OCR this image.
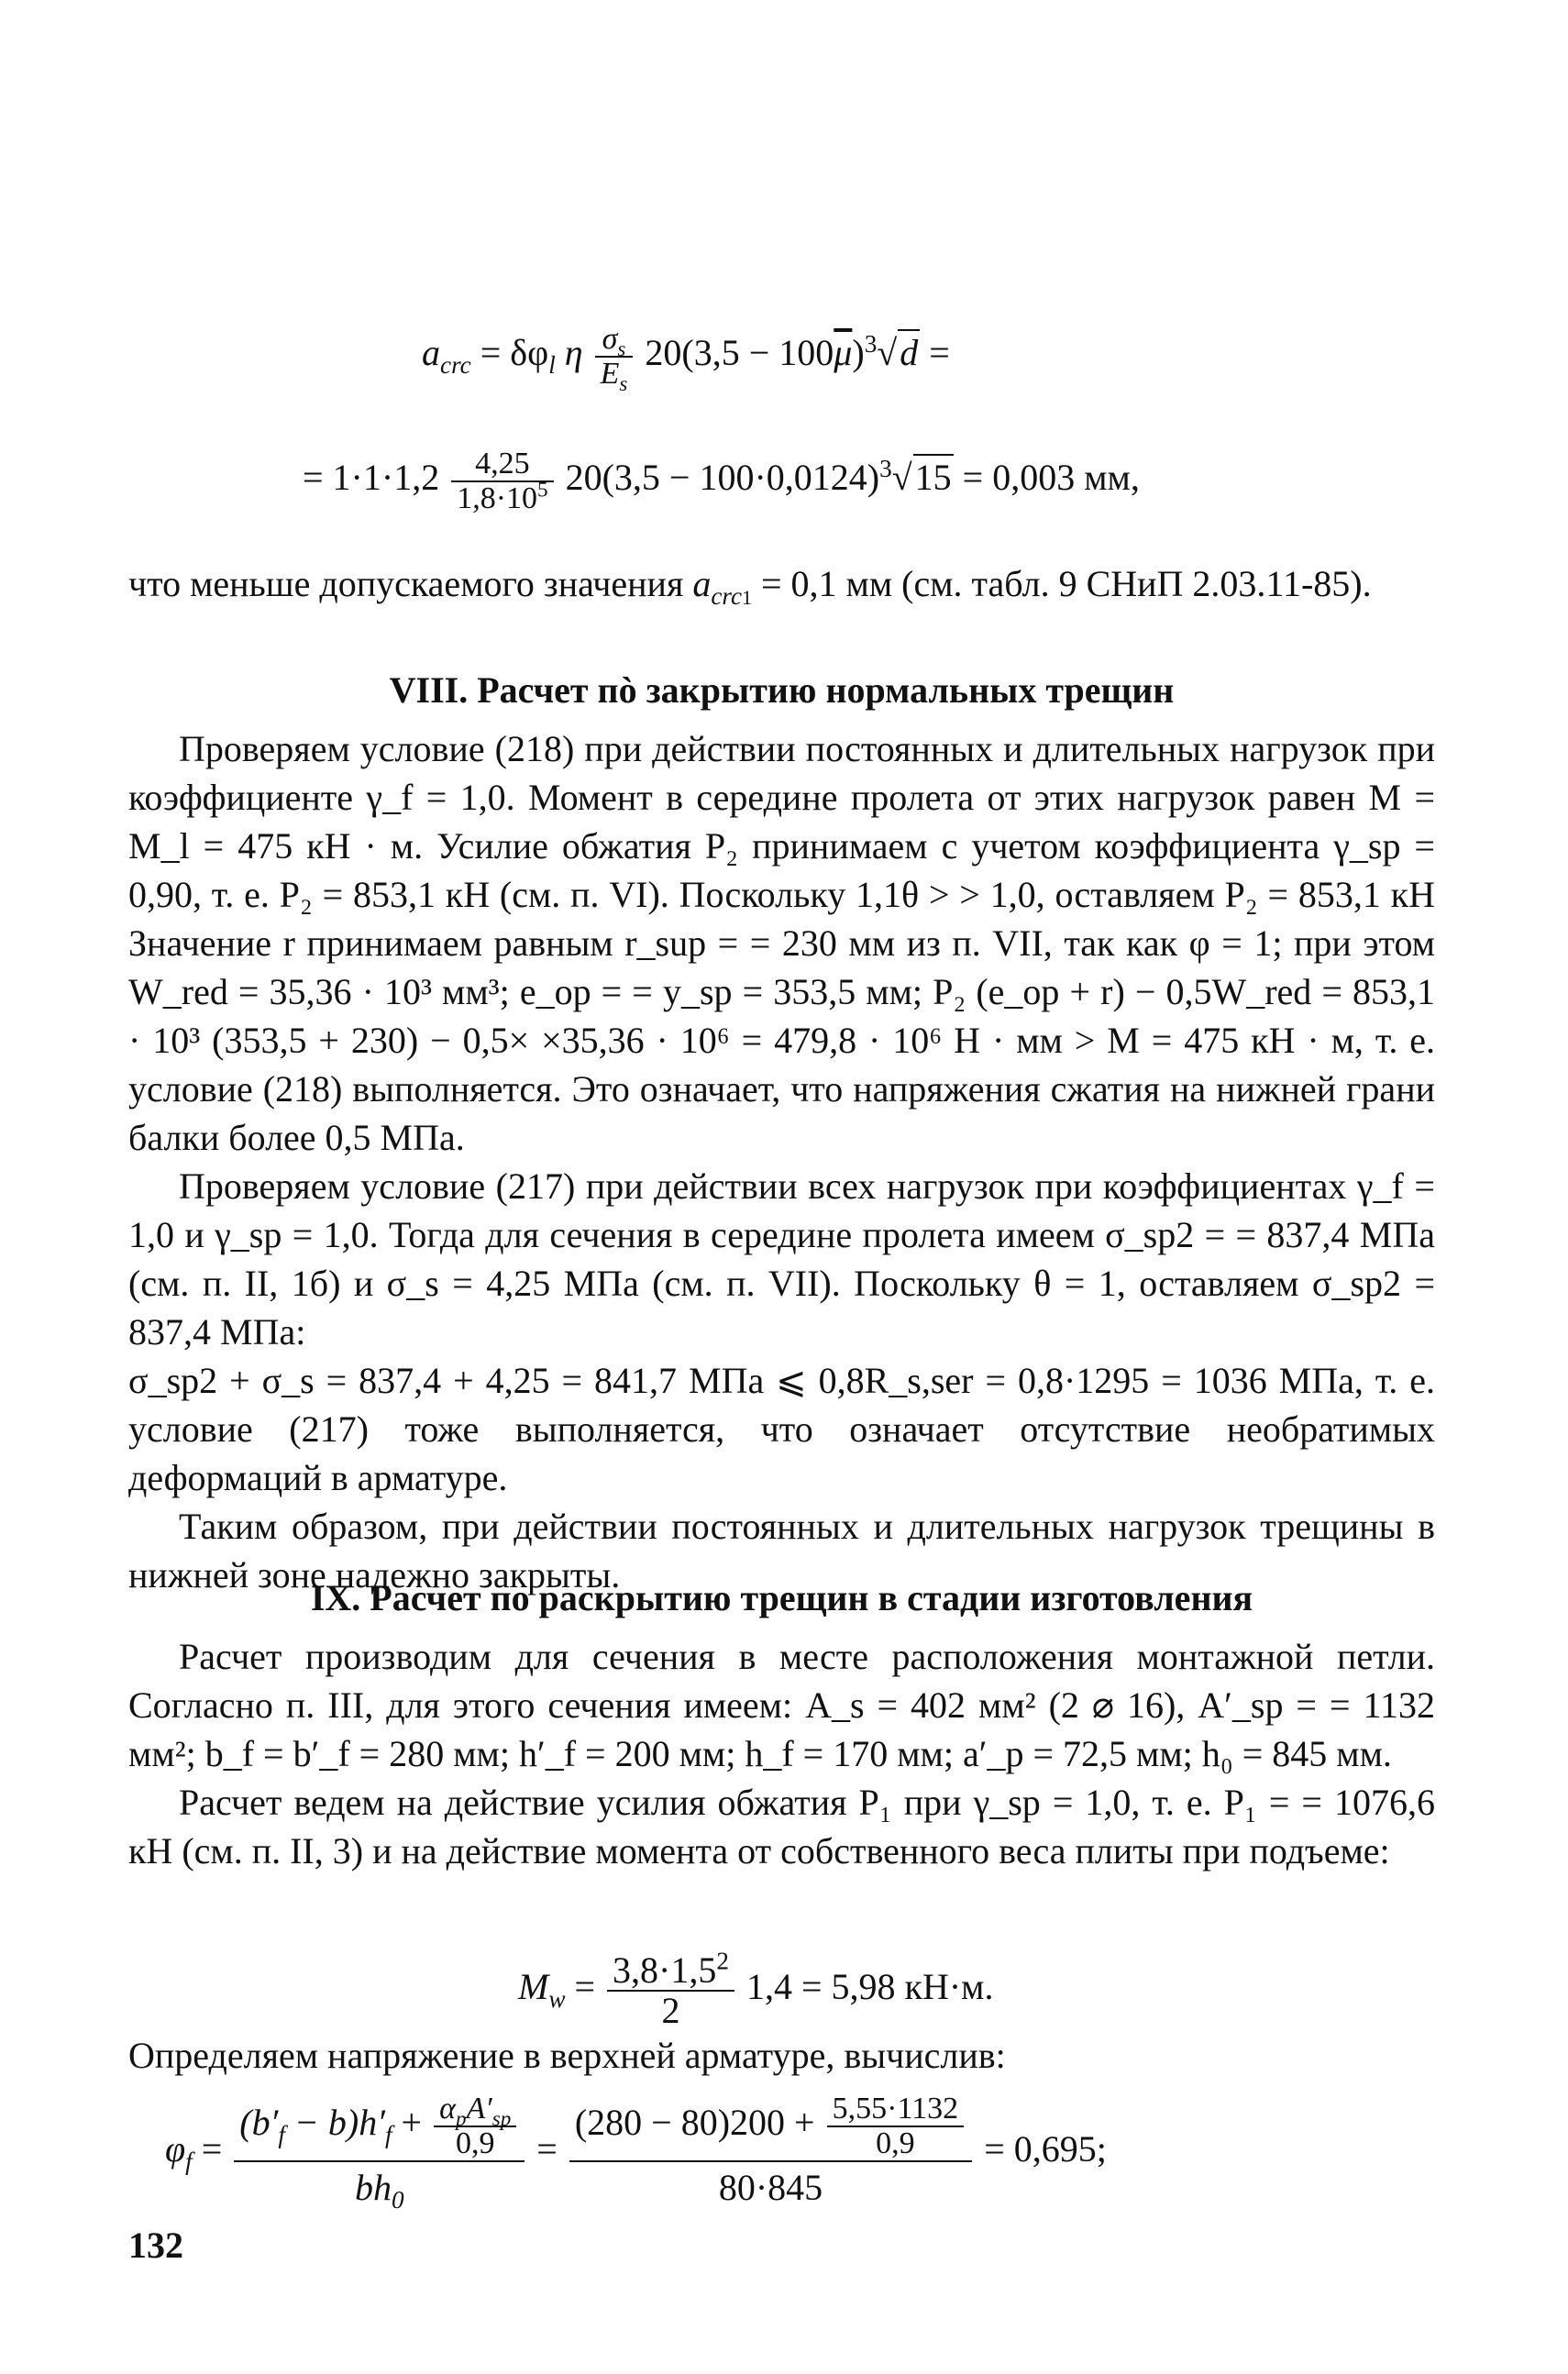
$a_{crc} = \delta\varphi_l$ η $\frac{\sigma_s}{E_s} 20(3,5 - 100\overline{\mu})^3√d$ =
= $1\cdot 1\cdot 1,2 \frac{4,25}{1,8\cdot 10^5} 20(3,5 - 100\cdot 0,0124)^3√15 = 0,003$ мм,

что меньше допускаемого значения $a_{crc1} = 0,1$ мм (см. табл. 9 СНиП 2.03.11-85).

VIII. Расчет пò закрытию нормальных трещин

Проверяем условие (218) при действии постоянных и длительных нагрузок при коэффициенте γ_f = 1,0. Момент в середине пролета от этих нагрузок равен M = M_l = 475 кН · м. Усилие обжатия P₂ принимаем с учетом коэффициента γ_sp = 0,90, т. е. P₂ = 853,1 кН (см. п. VI). Поскольку 1,1θ > > 1,0, оставляем P₂ = 853,1 кН Значение r принимаем равным r_sup = = 230 мм из п. VII, так как φ = 1; при этом W_red = 35,36 · 10³ мм³; e_op = = y_sp = 353,5 мм; P₂ (e_op + r) − 0,5W_red = 853,1 · 10³ (353,5 + 230) − 0,5× ×35,36 · 10⁶ = 479,8 · 10⁶ Н · мм > M = 475 кН · м, т. е. условие (218) выполняется. Это означает, что напряжения сжатия на нижней грани балки более 0,5 МПа.

Проверяем условие (217) при действии всех нагрузок при коэффициентах γ_f = 1,0 и γ_sp = 1,0. Тогда для сечения в середине пролета имеем σ_sp2 = = 837,4 МПа (см. п. II, 1б) и σ_s = 4,25 МПа (см. п. VII). Поскольку θ = 1, оставляем σ_sp2 = 837,4 МПа:

σ_sp2 + σ_s = 837,4 + 4,25 = 841,7 МПа ⩽ 0,8R_s,ser = 0,8·1295 = 1036 МПа, т. е. условие (217) тоже выполняется, что означает отсутствие необратимых деформаций в арматуре.

Таким образом, при действии постоянных и длительных нагрузок трещины в нижней зоне надежно закрыты.

IX. Расчет по раскрытию трещин в стадии изготовления

Расчет производим для сечения в месте расположения монтажной петли. Согласно п. III, для этого сечения имеем: A_s = 402 мм² (2 ⌀ 16), A′_sp = = 1132 мм²; b_f = b′_f = 280 мм; h′_f = 200 мм; h_f = 170 мм; a′_p = 72,5 мм; h₀ = 845 мм.

Расчет ведем на действие усилия обжатия P₁ при γ_sp = 1,0, т. е. P₁ = = 1076,6 кН (см. п. II, 3) и на действие момента от собственного веса плиты при подъеме:

$M_w = \frac{3,8\cdot 1,5^2}{2} 1,4 = 5,98$ кН·м.

Определяем напряжение в верхней арматуре, вычислив:

$\varphi_f = \frac{(b'_f - b)h'_f + \frac{\alpha_pA'_{sp}}{0,9}}{bh_0} = \frac{(280 - 80)200 + \frac{5,55\cdot 1132}{0,9}}{80\cdot 845} = 0,695$;
132
